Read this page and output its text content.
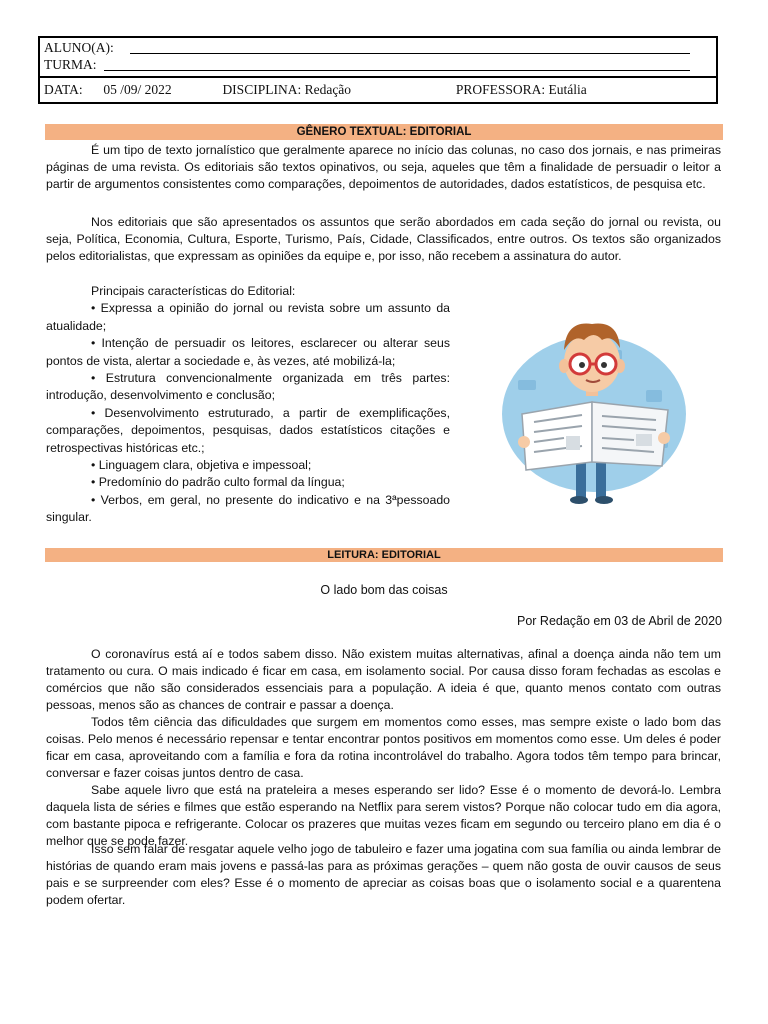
ALUNO(A):
TURMA:
DATA: 05 /09/ 2022	DISCIPLINA: Redação	PROFESSORA: Eutália
GÊNERO TEXTUAL: EDITORIAL
É um tipo de texto jornalístico que geralmente aparece no início das colunas, no caso dos jornais, e nas primeiras páginas de uma revista. Os editoriais são textos opinativos, ou seja, aqueles que têm a finalidade de persuadir o leitor a partir de argumentos consistentes como comparações, depoimentos de autoridades, dados estatísticos, de pesquisa etc.
Nos editoriais que são apresentados os assuntos que serão abordados em cada seção do jornal ou revista, ou seja, Política, Economia, Cultura, Esporte, Turismo, País, Cidade, Classificados, entre outros. Os textos são organizados pelos editorialistas, que expressam as opiniões da equipe e, por isso, não recebem a assinatura do autor.
Principais características do Editorial:
• Expressa a opinião do jornal ou revista sobre um assunto da atualidade;
• Intenção de persuadir os leitores, esclarecer ou alterar seus pontos de vista, alertar a sociedade e, às vezes, até mobilizá-la;
• Estrutura convencionalmente organizada em três partes: introdução, desenvolvimento e conclusão;
• Desenvolvimento estruturado, a partir de exemplificações, comparações, depoimentos, pesquisas, dados estatísticos citações e retrospectivas históricas etc.;
• Linguagem clara, objetiva e impessoal;
• Predomínio do padrão culto formal da língua;
• Verbos, em geral, no presente do indicativo e na 3ªpessoado singular.
LEITURA: EDITORIAL
O lado bom das coisas
Por Redação em 03 de Abril de 2020
O coronavírus está aí e todos sabem disso. Não existem muitas alternativas, afinal a doença ainda não tem um tratamento ou cura. O mais indicado é ficar em casa, em isolamento social. Por causa disso foram fechadas as escolas e comércios que não são considerados essenciais para a população. A ideia é que, quanto menos contato com outras pessoas, menos são as chances de contrair e passar a doença.
Todos têm ciência das dificuldades que surgem em momentos como esses, mas sempre existe o lado bom das coisas. Pelo menos é necessário repensar e tentar encontrar pontos positivos em momentos como esse. Um deles é poder ficar em casa, aproveitando com a família e fora da rotina incontrolável do trabalho. Agora todos têm tempo para brincar, conversar e fazer coisas juntos dentro de casa.
Sabe aquele livro que está na prateleira a meses esperando ser lido? Esse é o momento de devorá-lo. Lembra daquela lista de séries e filmes que estão esperando na Netflix para serem vistos? Porque não colocar tudo em dia agora, com bastante pipoca e refrigerante. Colocar os prazeres que muitas vezes ficam em segundo ou terceiro plano em dia é o melhor que se pode fazer.
Isso sem falar de resgatar aquele velho jogo de tabuleiro e fazer uma jogatina com sua família ou ainda lembrar de histórias de quando eram mais jovens e passá-las para as próximas gerações – quem não gosta de ouvir causos de seus pais e se surpreender com eles? Esse é o momento de apreciar as coisas boas que o isolamento social e a quarentena podem ofertar.
